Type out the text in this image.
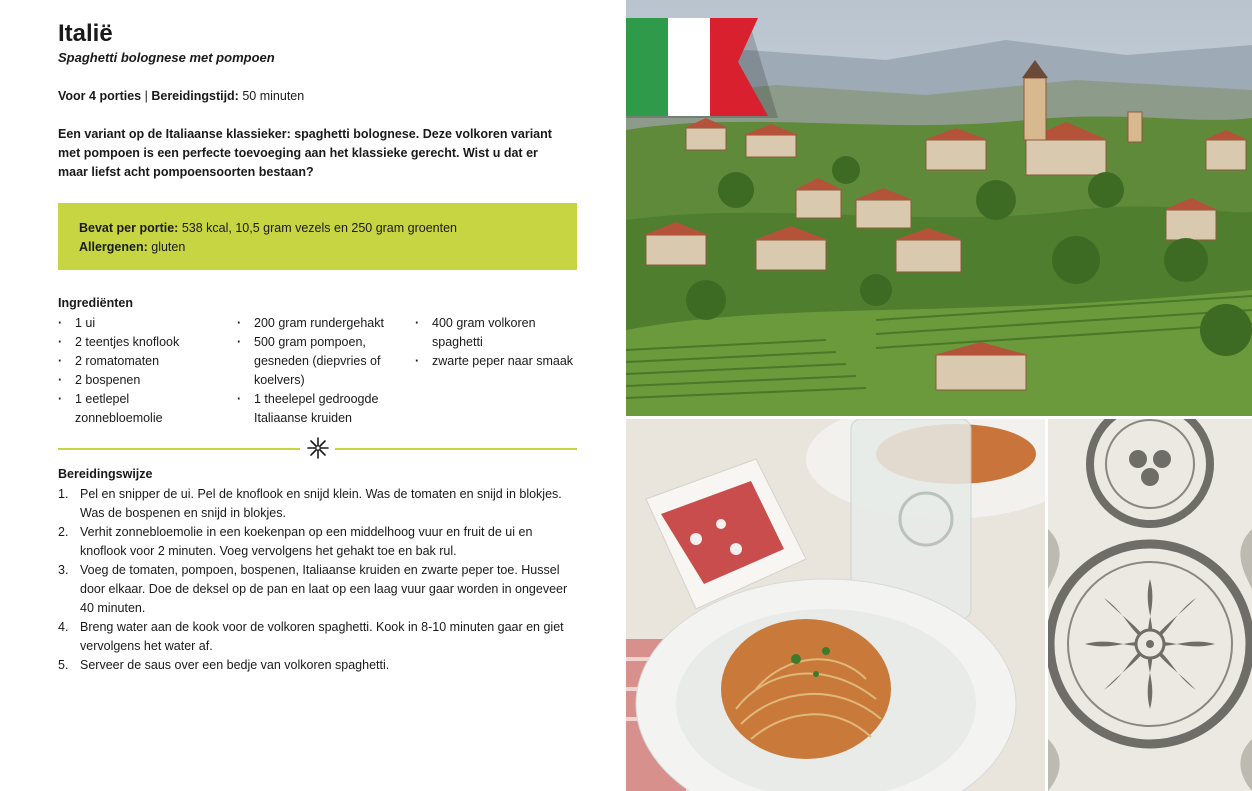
Italië
Spaghetti bolognese met pompoen
Voor 4 porties | Bereidingstijd: 50 minuten

Een variant op de Italiaanse klassieker: spaghetti bolognese. Deze volkoren variant met pompoen is een perfecte toevoeging aan het klassieke gerecht. Wist u dat er maar liefst acht pompoensoorten bestaan?

Bevat per portie: 538 kcal, 10,5 gram vezels en 250 gram groenten
Allergenen: gluten
Ingrediënten
· 1 ui
· 2 teentjes knoflook
· 2 romatomaten
· 2 bospenen
· 1 eetlepel zonnebloemolie
· 200 gram rundergehakt
· 500 gram pompoen, gesneden (diepvries of koelvers)
· 1 theelepel gedroogde Italiaanse kruiden
· 400 gram volkoren spaghetti
· zwarte peper naar smaak
Bereidingswijze
1. Pel en snipper de ui. Pel de knoflook en snijd klein. Was de tomaten en snijd in blokjes. Was de bospenen en snijd in blokjes.
2. Verhit zonnebloemolie in een koekenpan op een middelhoog vuur en fruit de ui en knoflook voor 2 minuten. Voeg vervolgens het gehakt toe en bak rul.
3. Voeg de tomaten, pompoen, bospenen, Italiaanse kruiden en zwarte peper toe. Hussel door elkaar. Doe de deksel op de pan en laat op een laag vuur gaar worden in ongeveer 40 minuten.
4. Breng water aan de kook voor de volkoren spaghetti. Kook in 8-10 minuten gaar en giet vervolgens het water af.
5. Serveer de saus over een bedje van volkoren spaghetti.
